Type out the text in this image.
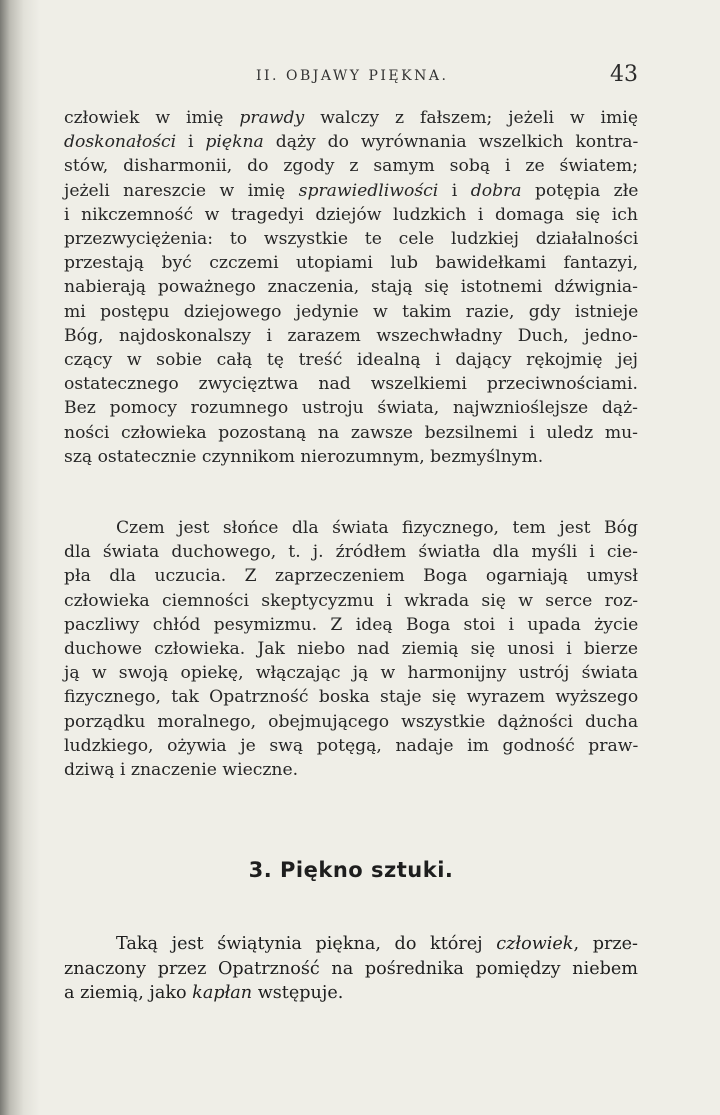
II. OBJAWY PIĘKNA.	43
człowiek w imię prawdy walczy z fałszem; jeżeli w imię
doskonałości i piękna dąży do wyrównania wszelkich kontra-
stów, disharmonii, do zgody z samym sobą i ze światem;
jeżeli nareszcie w imię sprawiedliwości i dobra potępia złe
i nikczemność w tragedyi dziejów ludzkich i domaga się ich
przezwyciężenia: to wszystkie te cele ludzkiej działalności
przestają być czczemi utopiami lub bawidełkami fantazyi,
nabierają poważnego znaczenia, stają się istotnemi dźwignia-
mi postępu dziejowego jedynie w takim razie, gdy istnieje
Bóg, najdoskonalszy i zarazem wszechwładny Duch, jedno-
czący w sobie całą tę treść idealną i dający rękojmię jej
ostatecznego zwycięztwa nad wszelkiemi przeciwnościami.
Bez pomocy rozumnego ustroju świata, najwznioślejsze dąż-
ności człowieka pozostaną na zawsze bezsilnemi i uledz mu-
szą ostatecznie czynnikom nierozumnym, bezmyślnym.
Czem jest słońce dla świata fizycznego, tem jest Bóg
dla świata duchowego, t. j. źródłem światła dla myśli i cie-
pła dla uczucia. Z zaprzeczeniem Boga ogarniają umysł
człowieka ciemności skeptycyzmu i wkrada się w serce roz-
paczliwy chłód pesymizmu. Z ideą Boga stoi i upada życie
duchowe człowieka. Jak niebo nad ziemią się unosi i bierze
ją w swoją opiekę, włączając ją w harmonijny ustrój świata
fizycznego, tak Opatrzność boska staje się wyrazem wyższego
porządku moralnego, obejmującego wszystkie dążności ducha
ludzkiego, ożywia je swą potęgą, nadaje im godność praw-
dziwą i znaczenie wieczne.
3. Piękno sztuki.
Taką jest świątynia piękna, do której człowiek, prze-
znaczony przez Opatrzność na pośrednika pomiędzy niebem
a ziemią, jako kapłan wstępuje.
